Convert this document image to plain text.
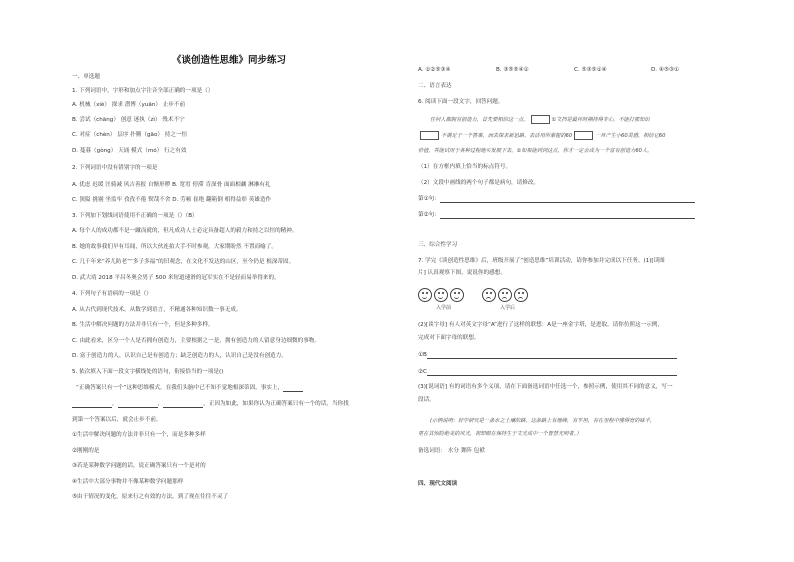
《谈创造性思维》同步练习
一、单选题
1. 下列词语中，字形和加点字注音全部正确的一项是（）
A. 机械（xiè） 探求 潜博（yuān） 止步不前
B. 尝试（chāng） 创意 迷执（zì） 残术不宁
C. 对症（chèn） 层序 扑腾（gāo） 持之一恒
D. 蔓暮（gòng） 天诵 模式（mó） 行之有效
2. 下列词语中没有错别字的一项是
A. 优虑 迟缓 匡骑减 风吉善报 自惭形秽 B. 宽宥 停滞 肯深骨 面面相觑 淋淋有礼
C. 狭隘 挑剔 坐监牢 孜孜不倦 锲哉不舍 D. 劳顿 崔绝 翻箱倒 相得益彰 英雄造作
3. 下列加下划线词语使用不正确的一项是（）（B）
A. 每个人的成功都不是一蹴而就的，但凡成功人士必定具备超人的毅力和持之以恒的精神。
B. 她的故事我们早有耳闻，所以大伙连拍大手不时参观，大家期盼然 不置而喻了。
C. 几千年来“养儿防老”“多子多福”的旧观念，在文化不发达的山区，至今仍是 根深蒂固。
D. 武大靖 2018 平昌冬奥会男子 500 米短道速滑的冠军实在不是轻而易举得来的。
4. 下列句子有语病的一项是（）
A. 从古代到现代技术，从数学到语言，不精通各种知识数一事无成。
B. 生活中解决问题的方法并非只有一个，但是多种多样。
C. 由此看来，区分一个人是否拥有创造力，主要根据之一是，拥有创造力的人留意身边细微的事物。
D. 富于创造力的人，认识自己是有创造力；缺乏创造力的人，认识自己是没有创造力。
5. 依次填入下面一段文字横线处的语句，衔接恰当的一项是()
“正确答案只有一个”这种思维模式，在我们头脑中已不知不觉地根深蒂固。事实上，
，	，	。正因为如此，如果你认为正确答案只有一个的话，当你找
到第一个答案以后，就会止步不前。
①生活中解决问题的方法并非只有一个，而是多种多样
②刚刚的是
③若是某种数学问题的话，说正确答案只有一个是对的
④生活中大部分事物并不像某种数学问题那样
⑤由于情况的变化，原来行之有效的方法，到了现在往往不灵了
A. ①②⑤③④	B. ③⑤⑤④①	C. ⑤③⑤①④	D. ④⑤③①
二、语言表达
6. 阅读下面一段文字，回答问题。
任何人都拥有创造力，首先要相信这一点。	①文挡是最坏时期持得专心，不能打那知识
不满足于一个答案，而去探求新思路。去活用所掌握的60	一旦产生小60灵感，相信它60
价值，并能试用于各种过程地实发展下去。②如果能到到这点，你才一定会成为一个富有创造力60人。
（1）在方框内填上恰当的标点符号。
（2）文段中画线的两个句子都是病句，请修改。
第①句：
第②句：
三、综合性学习
7. 学完《谈创造性思维》后，班级开展了“创造思维”培训活动，请你参加并完成以下任务。(1)[读图
片] 认真观察下图，说说你的感想。
入学前	入学后
(2)[谈字母] 有人对英文字母“A”进行了这样的联想：A是一座金字塔，是进取。请你仿照这一示例，
完成对下面字母的联想。
①B
②C
(3)[说词语] 有的词语有多个义项，请在下面备选词语中任选一个，参照示例，使用其不同的意义，写一
段话。
(示例说明：好学研究是一条水之土壤的路，这条路上有地峰，有平坦，有在里程中懂得宽的味半，
更在其惊险绝美的风光，祝却眼在保持生于文光成中一个智慧光明者。）
备选词语： 水分 舞阵 包袱
四、现代文阅读
